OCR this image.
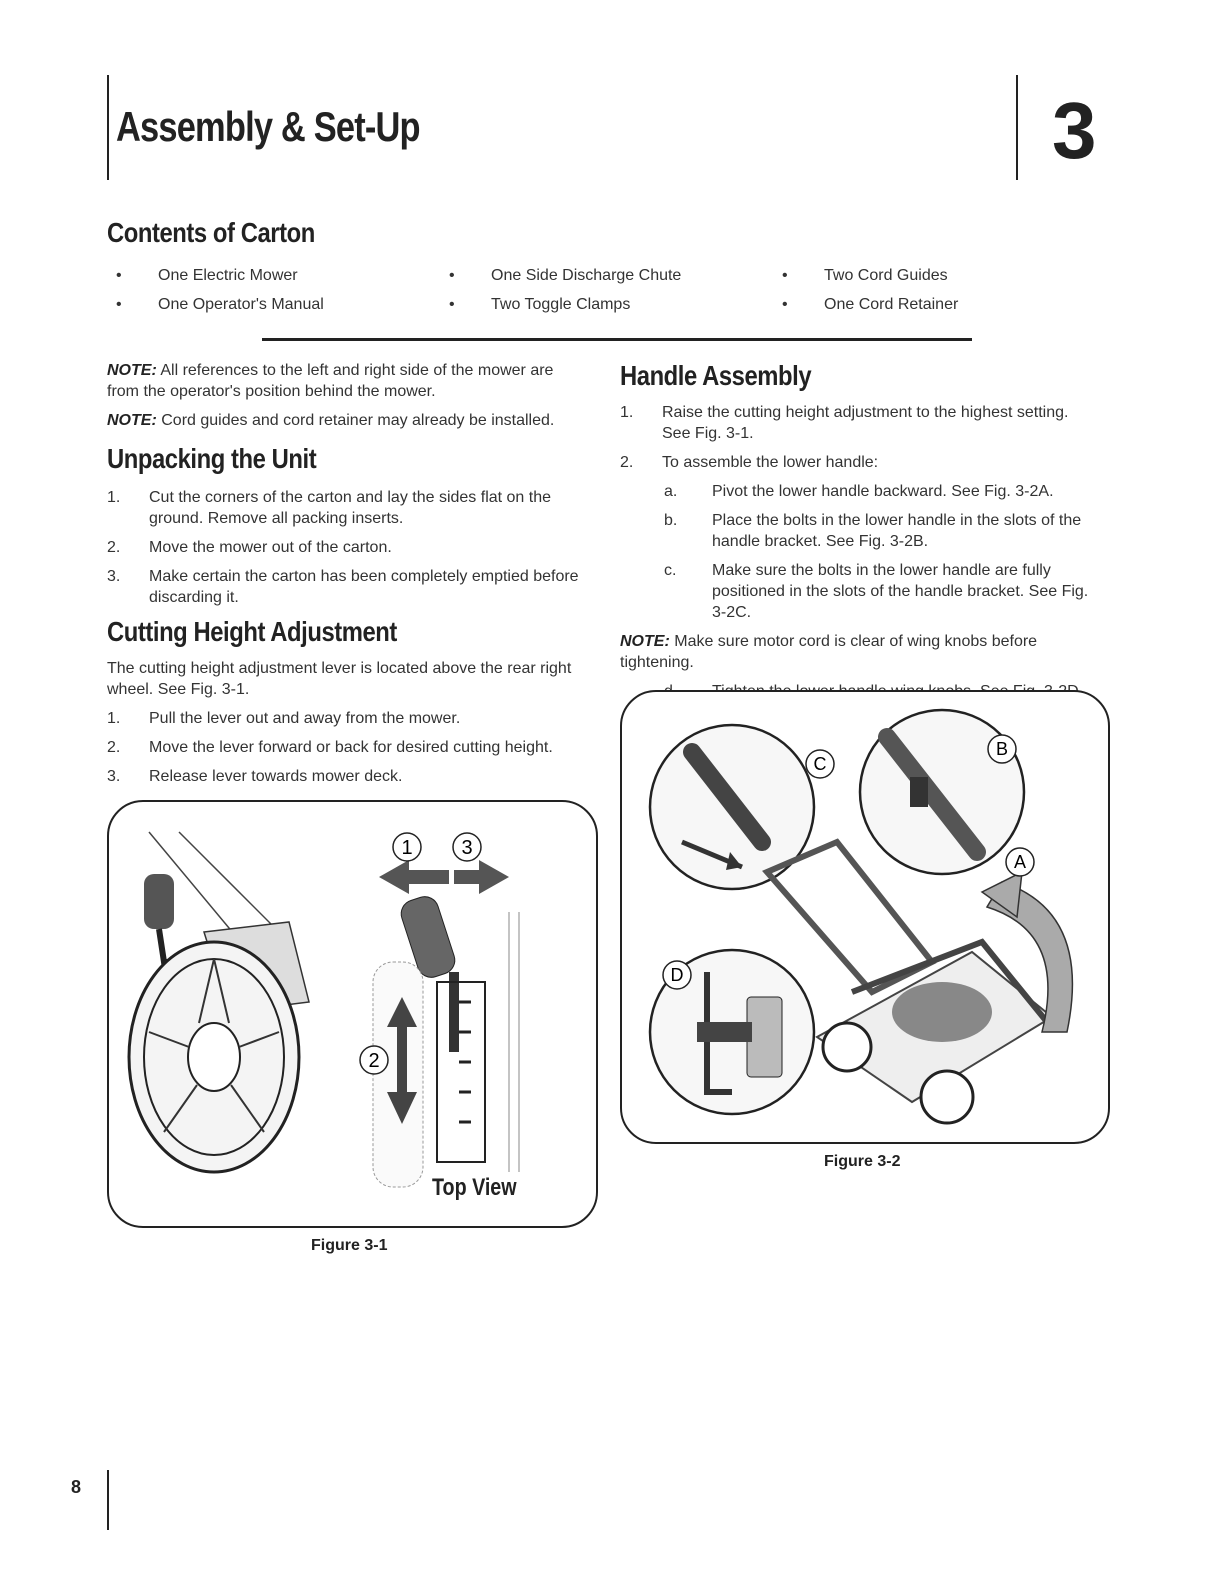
Assembly & Set-Up	3
Contents of Carton
• One Electric Mower
• One Operator's Manual
• One Side Discharge Chute
• Two Toggle Clamps
• Two Cord Guides
• One Cord Retainer
NOTE: All references to the left and right side of the mower are from the operator's position behind the mower.
NOTE: Cord guides and cord retainer may already be installed.
Unpacking the Unit
1. Cut the corners of the carton and lay the sides flat on the ground. Remove all packing inserts.
2. Move the mower out of the carton.
3. Make certain the carton has been completely emptied before discarding it.
Cutting Height Adjustment
The cutting height adjustment lever is located above the rear right wheel. See Fig. 3-1.
1. Pull the lever out and away from the mower.
2. Move the lever forward or back for desired cutting height.
3. Release lever towards mower deck.
Handle Assembly
1. Raise the cutting height adjustment to the highest setting. See Fig. 3-1.
2. To assemble the lower handle:
a. Pivot the lower handle backward. See Fig. 3-2A.
b. Place the bolts in the lower handle in the slots of the handle bracket. See Fig. 3-2B.
c. Make sure the bolts in the lower handle are fully positioned in the slots of the handle bracket. See Fig. 3-2C.
NOTE: Make sure motor cord is clear of wing knobs before tightening.
1 3
2
Top View
Figure 3-1
C
B
A
D
Figure 3-2
8
